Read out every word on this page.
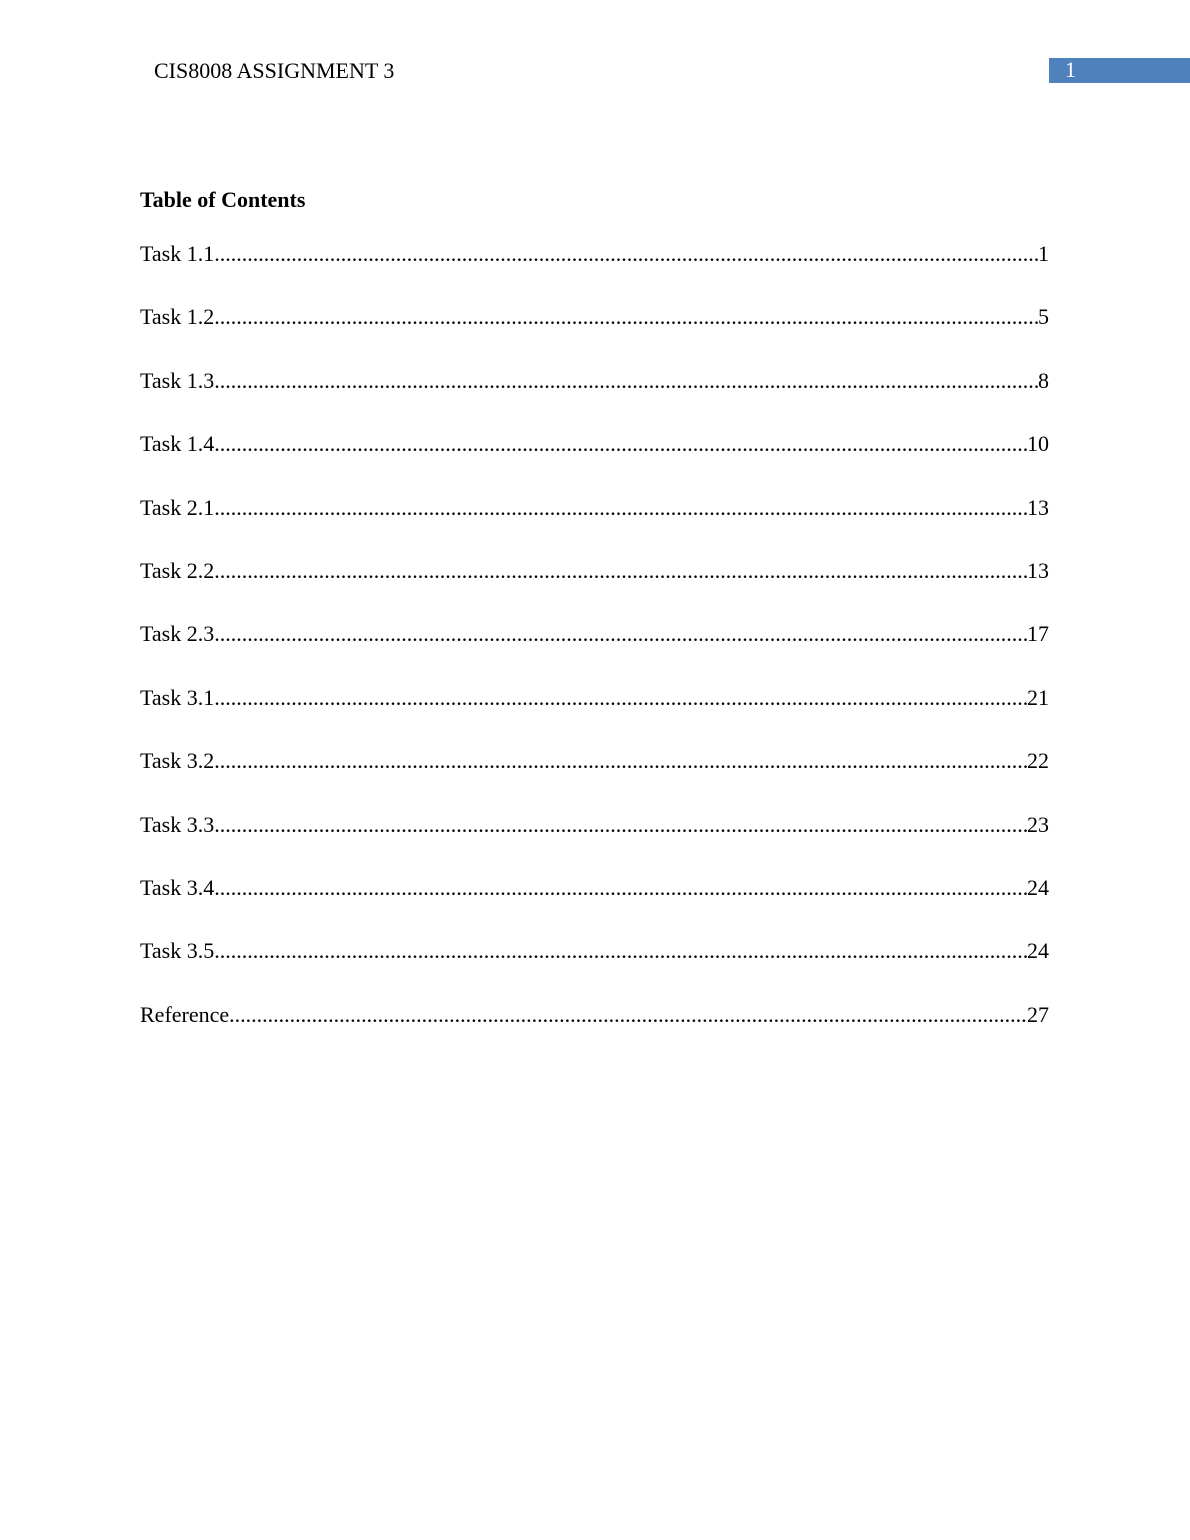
CIS8008 ASSIGNMENT 3	1
Table of Contents
Task 1.1 .....	1
Task 1.2 .....	5
Task 1.3 .....	8
Task 1.4 .....	10
Task 2.1 .....	13
Task 2.2 .....	13
Task 2.3 .....	17
Task 3.1 .....	21
Task 3.2 .....	22
Task 3.3 .....	23
Task 3.4 .....	24
Task 3.5 .....	24
Reference .....	27
